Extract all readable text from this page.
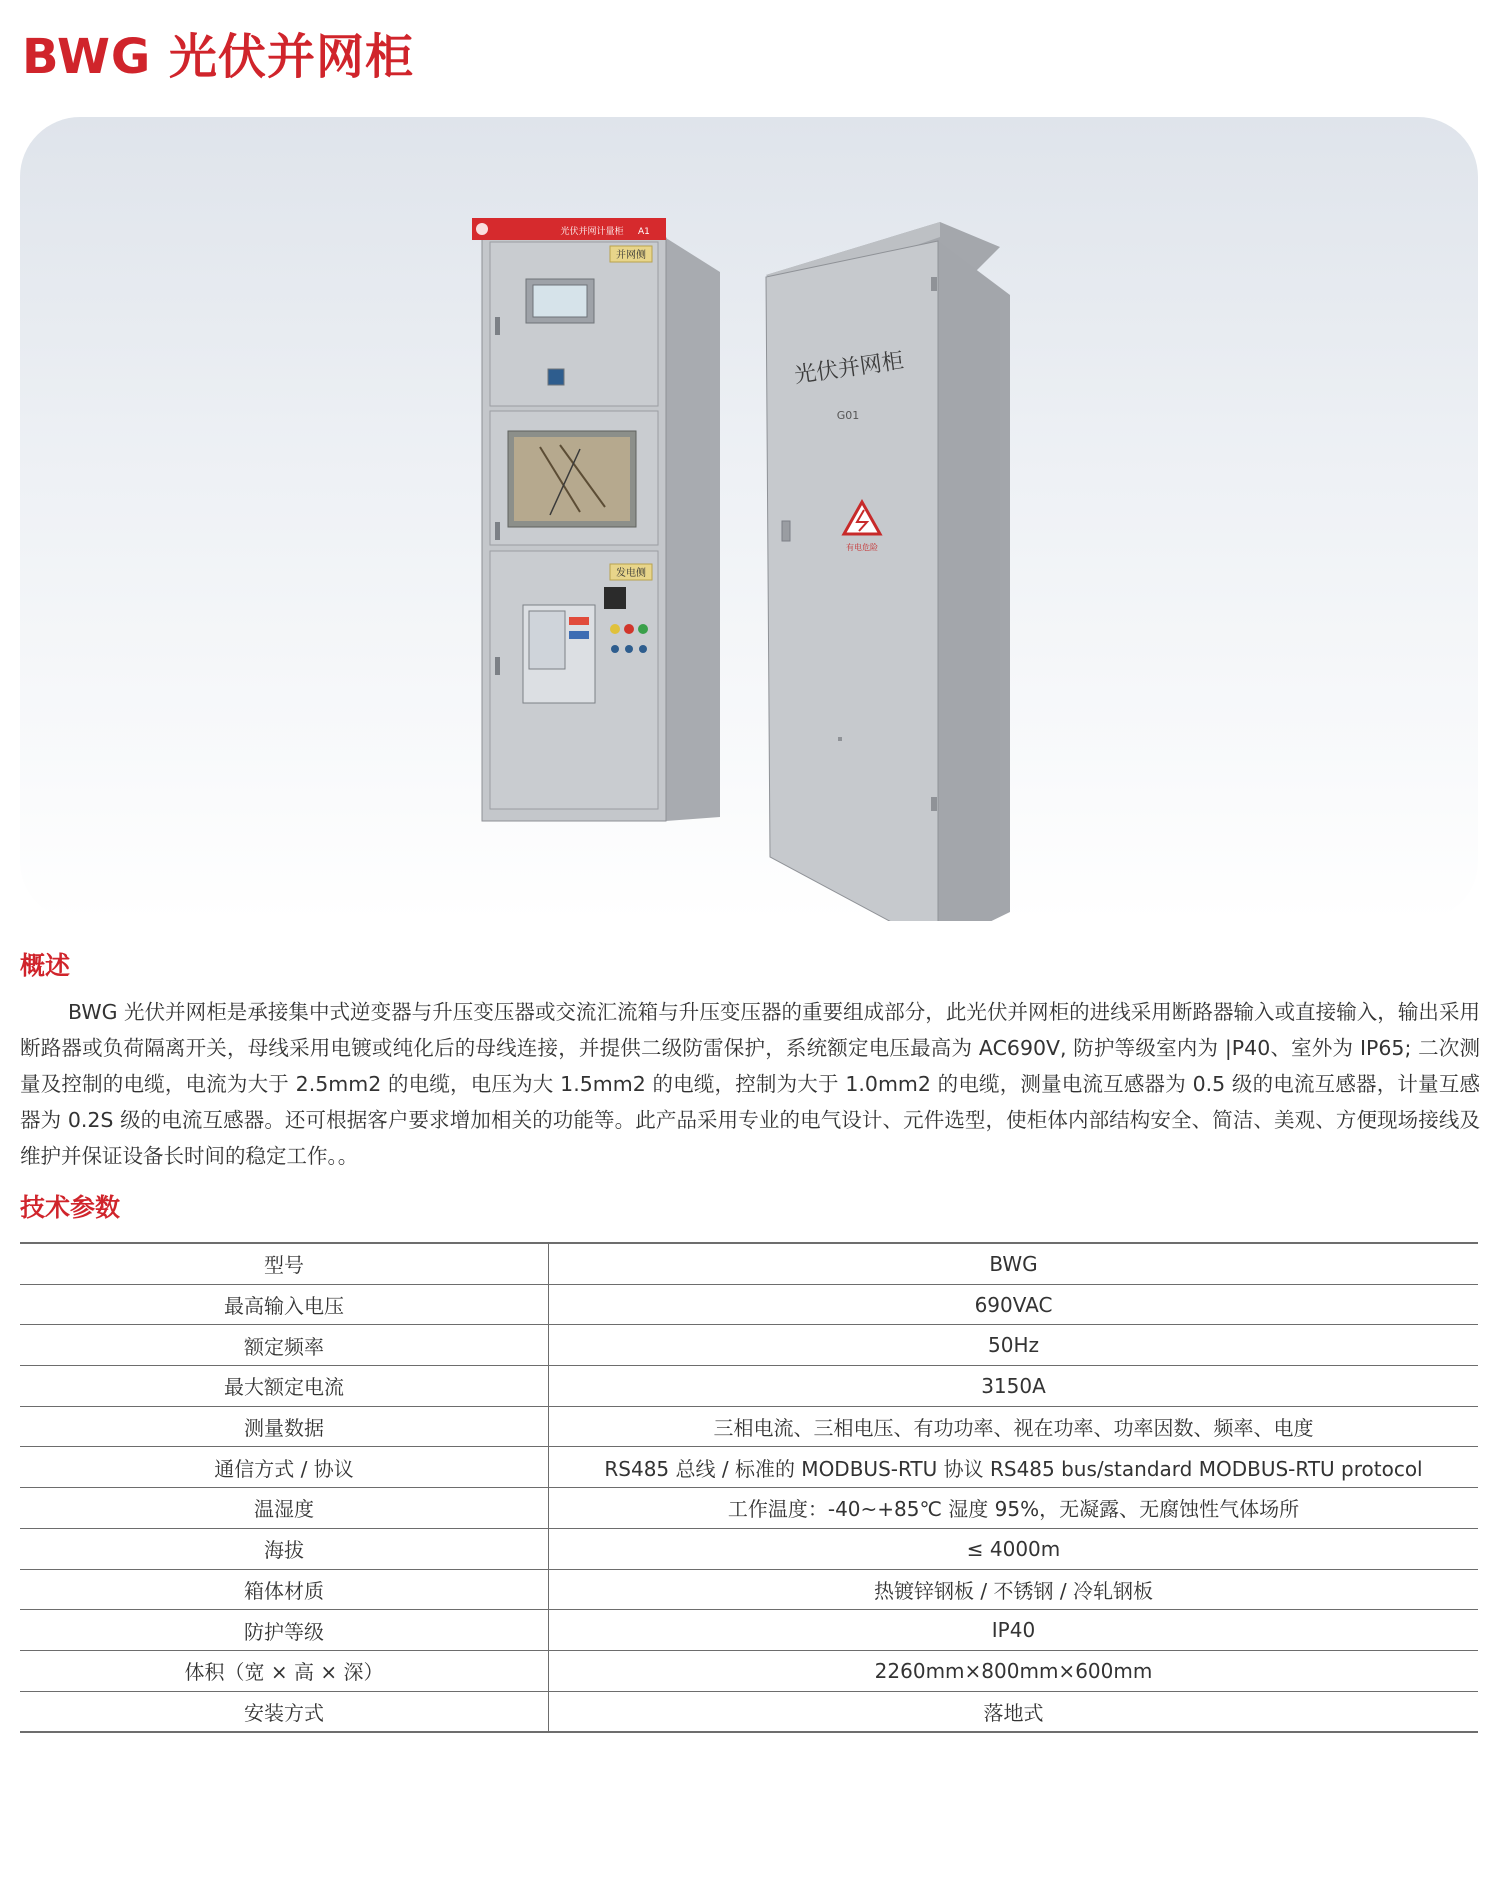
BWG 光伏并网柜
光伏并网计量柜 A1
并网侧
发电侧
光伏并网柜
G01
有电危险
概述

BWG 光伏并网柜是承接集中式逆变器与升压变压器或交流汇流箱与升压变压器的重要组成部分，此光伏并网柜的进线采用断路器输入或直接输入，输出采用断路器或负荷隔离开关，母线采用电镀或纯化后的母线连接，并提供二级防雷保护，系统额定电压最高为 AC690V, 防护等级室内为 |P40、室外为 IP65; 二次测量及控制的电缆，电流为大于 2.5mm2 的电缆，电压为大 1.5mm2 的电缆，控制为大于 1.0mm2 的电缆，测量电流互感器为 0.5 级的电流互感器，计量互感器为 0.2S 级的电流互感器。还可根据客户要求增加相关的功能等。此产品采用专业的电气设计、元件选型，使柜体内部结构安全、简洁、美观、方便现场接线及维护并保证设备长时间的稳定工作。。

技术参数
型号	BWG
最高输入电压	690VAC
额定频率	50Hz
最大额定电流	3150A
测量数据	三相电流、三相电压、有功功率、视在功率、功率因数、频率、电度
通信方式 / 协议	RS485 总线 / 标准的 MODBUS-RTU 协议 RS485 bus/standard MODBUS-RTU protocol
温湿度	工作温度：-40~+85℃ 湿度 95%，无凝露、无腐蚀性气体场所
海拔	≤ 4000m
箱体材质	热镀锌钢板 / 不锈钢 / 冷轧钢板
防护等级	IP40
体积（宽 × 高 × 深）	2260mm×800mm×600mm
安装方式	落地式
